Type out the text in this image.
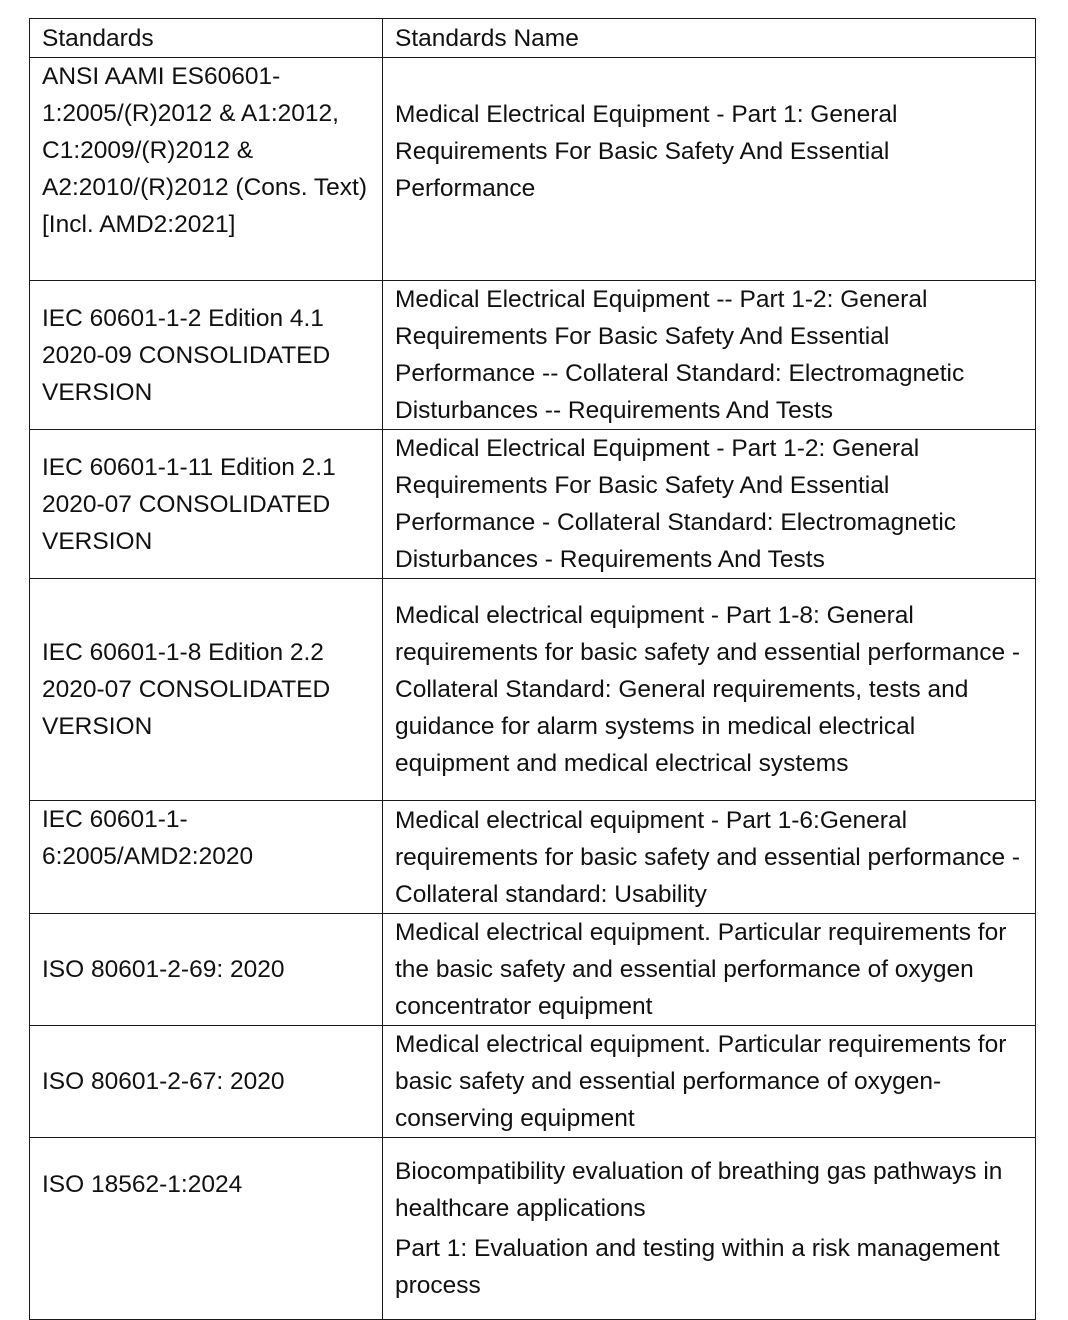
Standards	Standards Name

ANSI AAMI ES60601-1:2005/(R)2012 & A1:2012, C1:2009/(R)2012 & A2:2010/(R)2012 (Cons. Text) [Incl. AMD2:2021]	Medical Electrical Equipment - Part 1: General Requirements For Basic Safety And Essential Performance

IEC 60601-1-2 Edition 4.1 2020-09 CONSOLIDATED VERSION	Medical Electrical Equipment -- Part 1-2: General Requirements For Basic Safety And Essential Performance -- Collateral Standard: Electromagnetic Disturbances -- Requirements And Tests

IEC 60601-1-11 Edition 2.1 2020-07 CONSOLIDATED VERSION	Medical Electrical Equipment - Part 1-2: General Requirements For Basic Safety And Essential Performance - Collateral Standard: Electromagnetic Disturbances - Requirements And Tests

IEC 60601-1-8 Edition 2.2 2020-07 CONSOLIDATED VERSION	Medical electrical equipment - Part 1-8: General requirements for basic safety and essential performance - Collateral Standard: General requirements, tests and guidance for alarm systems in medical electrical equipment and medical electrical systems

IEC 60601-1-6:2005/AMD2:2020	Medical electrical equipment - Part 1-6:General requirements for basic safety and essential performance -Collateral standard: Usability

ISO 80601-2-69: 2020	Medical electrical equipment. Particular requirements for the basic safety and essential performance of oxygen concentrator equipment

ISO 80601-2-67: 2020	Medical electrical equipment. Particular requirements for basic safety and essential performance of oxygen-conserving equipment

ISO 18562-1:2024	Biocompatibility evaluation of breathing gas pathways in healthcare applications

Part 1: Evaluation and testing within a risk management process
